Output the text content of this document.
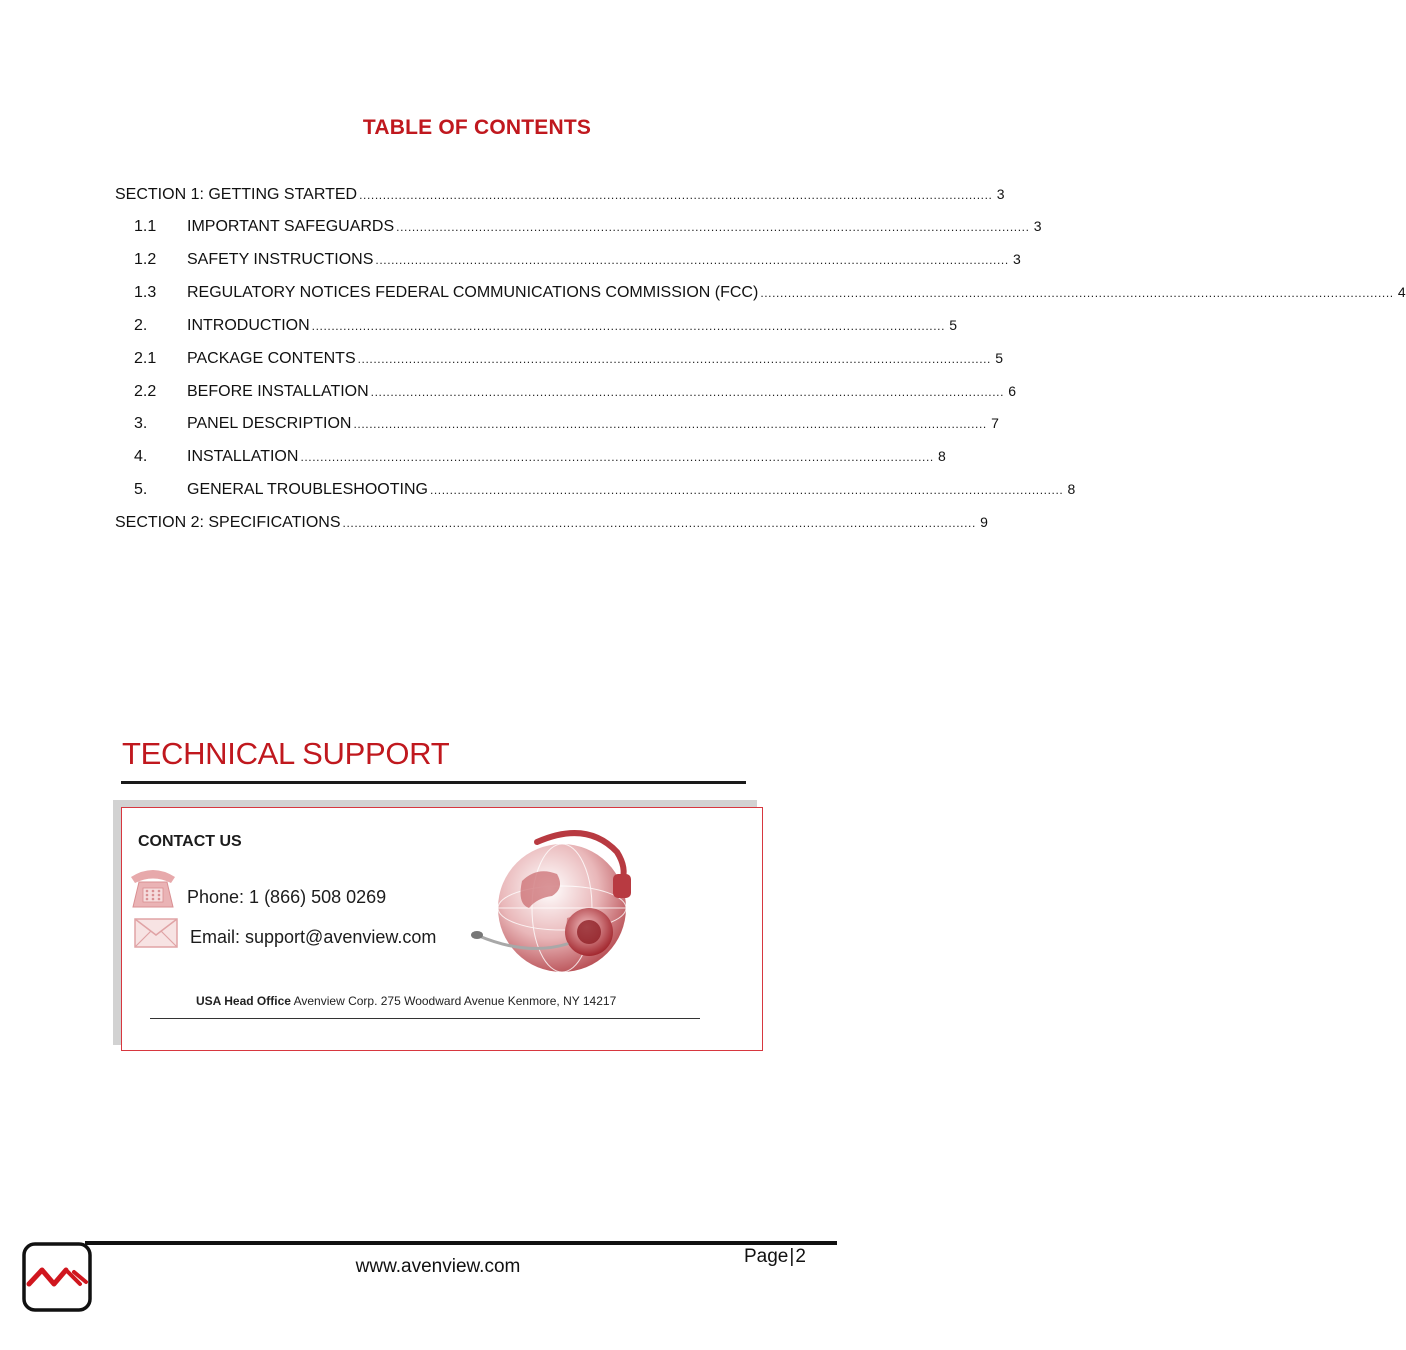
TABLE OF CONTENTS
SECTION 1: GETTING STARTED ................................................................................................................................................................. 3
1.1	IMPORTANT SAFEGUARDS ................................................................................................................................................................. 3
1.2	SAFETY INSTRUCTIONS ................................................................................................................................................................. 3
1.3	REGULATORY NOTICES FEDERAL COMMUNICATIONS COMMISSION (FCC) ................................................................................................................................................................. 4
2.	INTRODUCTION ................................................................................................................................................................. 5
2.1	PACKAGE CONTENTS ................................................................................................................................................................. 5
2.2	BEFORE INSTALLATION ................................................................................................................................................................. 6
3.	PANEL DESCRIPTION ................................................................................................................................................................. 7
4.	INSTALLATION ................................................................................................................................................................. 8
5.	GENERAL TROUBLESHOOTING ................................................................................................................................................................. 8
SECTION 2: SPECIFICATIONS ................................................................................................................................................................. 9
TECHNICAL SUPPORT
CONTACT US
Phone: 1 (866) 508 0269
Email: support@avenview.com
USA Head Office Avenview Corp. 275 Woodward Avenue Kenmore, NY 14217
www.avenview.com	Page|2
